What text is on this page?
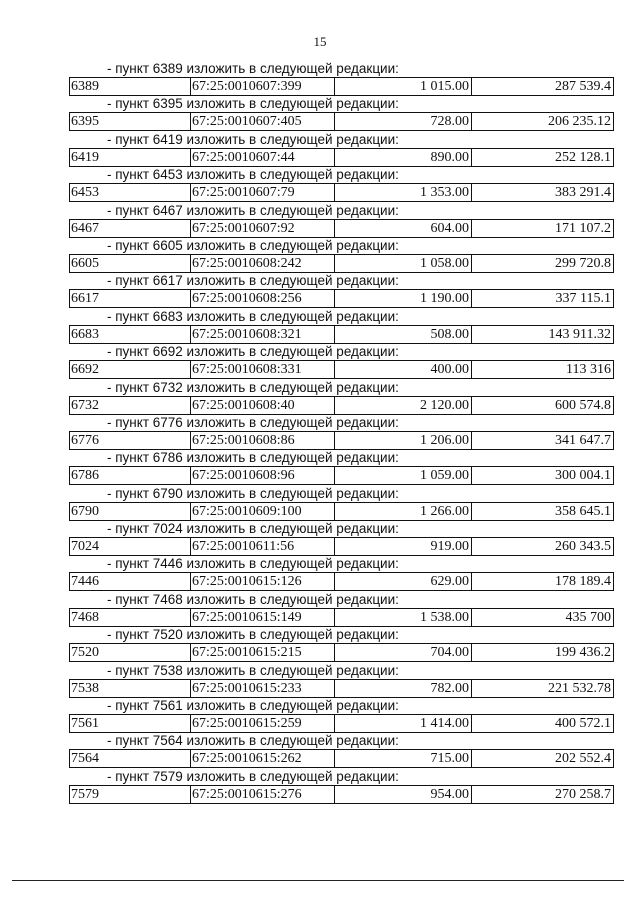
15
- пункт 6389 изложить в следующей редакции:
6389	67:25:0010607:399	1 015.00	287 539.4
- пункт 6395 изложить в следующей редакции:
6395	67:25:0010607:405	728.00	206 235.12
- пункт 6419 изложить в следующей редакции:
6419	67:25:0010607:44	890.00	252 128.1
- пункт 6453 изложить в следующей редакции:
6453	67:25:0010607:79	1 353.00	383 291.4
- пункт 6467 изложить в следующей редакции:
6467	67:25:0010607:92	604.00	171 107.2
- пункт 6605 изложить в следующей редакции:
6605	67:25:0010608:242	1 058.00	299 720.8
- пункт 6617 изложить в следующей редакции:
6617	67:25:0010608:256	1 190.00	337 115.1
- пункт 6683 изложить в следующей редакции:
6683	67:25:0010608:321	508.00	143 911.32
- пункт 6692 изложить в следующей редакции:
6692	67:25:0010608:331	400.00	113 316
- пункт 6732 изложить в следующей редакции:
6732	67:25:0010608:40	2 120.00	600 574.8
- пункт 6776 изложить в следующей редакции:
6776	67:25:0010608:86	1 206.00	341 647.7
- пункт 6786 изложить в следующей редакции:
6786	67:25:0010608:96	1 059.00	300 004.1
- пункт 6790 изложить в следующей редакции:
6790	67:25:0010609:100	1 266.00	358 645.1
- пункт 7024 изложить в следующей редакции:
7024	67:25:0010611:56	919.00	260 343.5
- пункт 7446 изложить в следующей редакции:
7446	67:25:0010615:126	629.00	178 189.4
- пункт 7468 изложить в следующей редакции:
7468	67:25:0010615:149	1 538.00	435 700
- пункт 7520 изложить в следующей редакции:
7520	67:25:0010615:215	704.00	199 436.2
- пункт 7538 изложить в следующей редакции:
7538	67:25:0010615:233	782.00	221 532.78
- пункт 7561 изложить в следующей редакции:
7561	67:25:0010615:259	1 414.00	400 572.1
- пункт 7564 изложить в следующей редакции:
7564	67:25:0010615:262	715.00	202 552.4
- пункт 7579 изложить в следующей редакции:
7579	67:25:0010615:276	954.00	270 258.7
